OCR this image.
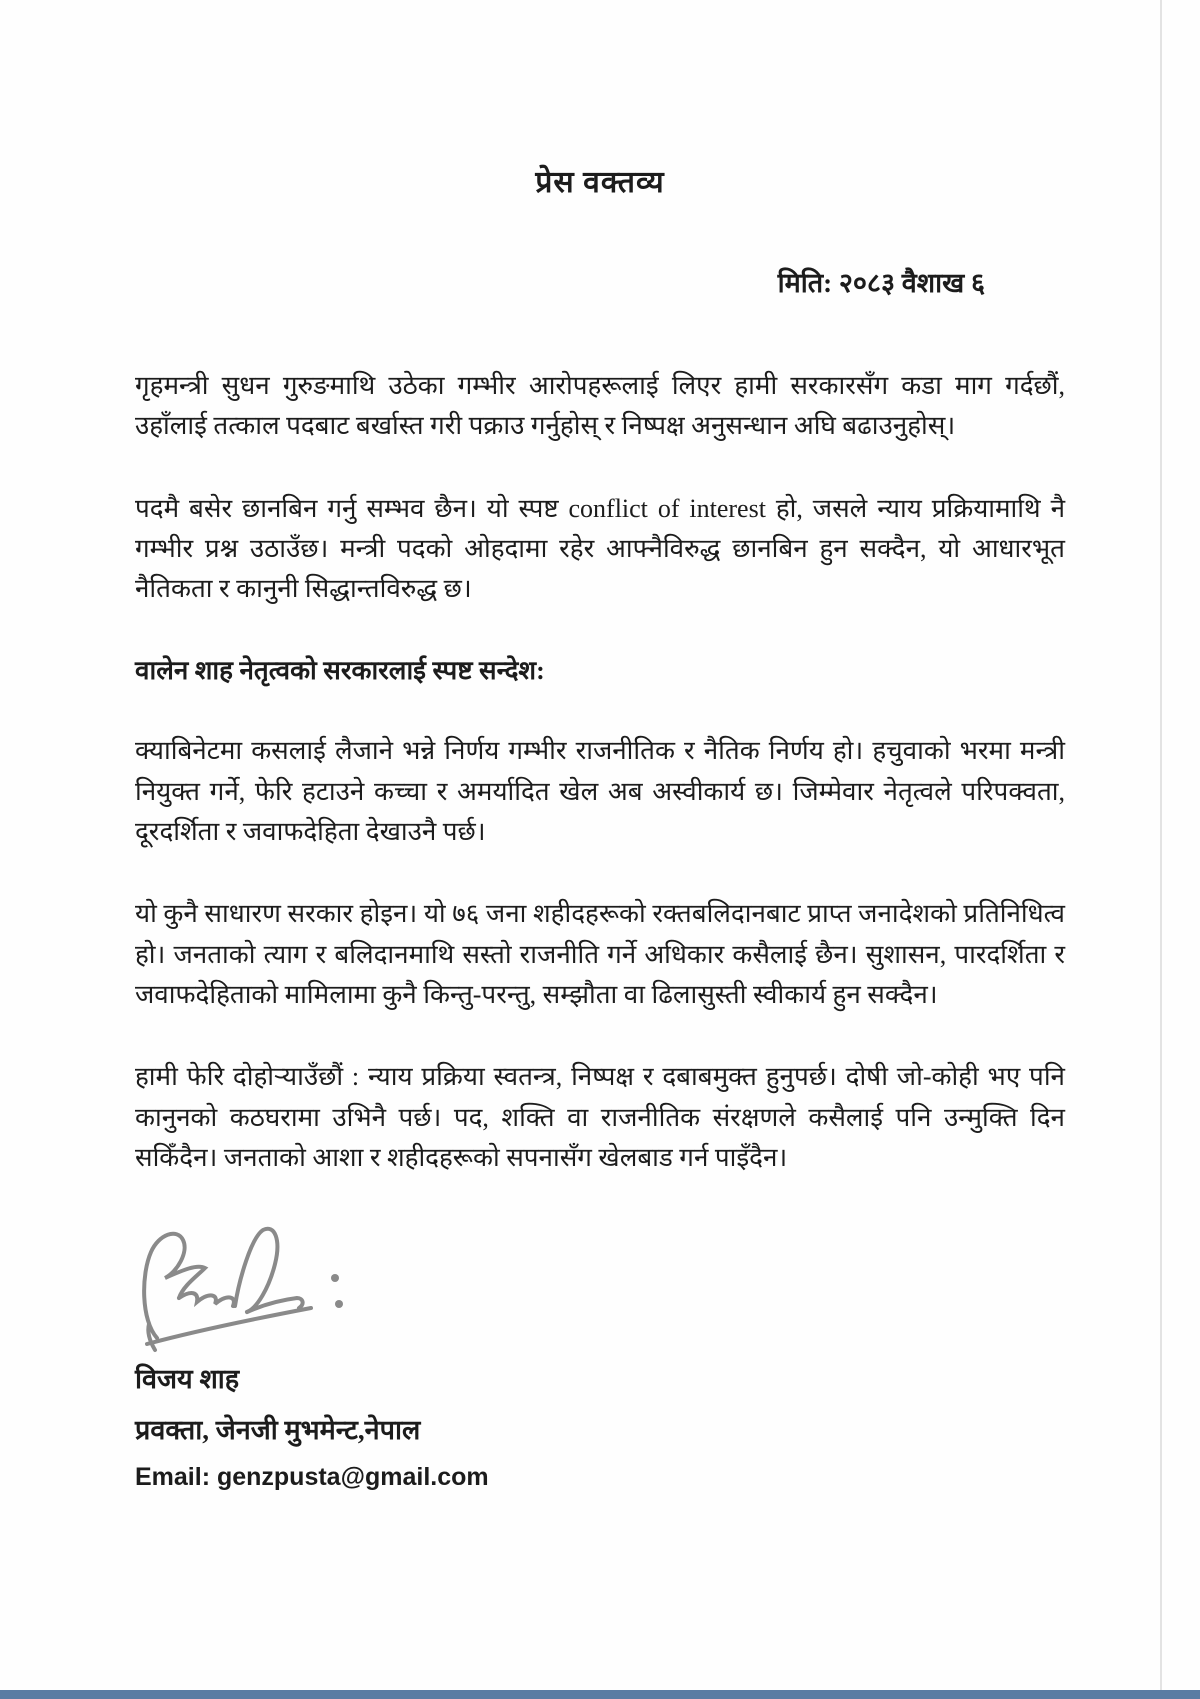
प्रेस वक्तव्य
मिति: २०८३ वैशाख ६

गृहमन्त्री सुधन गुरुङमाथि उठेका गम्भीर आरोपहरूलाई लिएर हामी सरकारसँग कडा माग गर्दछौं, उहाँलाई तत्काल पदबाट बर्खास्त गरी पक्राउ गर्नुहोस् र निष्पक्ष अनुसन्धान अघि बढाउनुहोस्।

पदमै बसेर छानबिन गर्नु सम्भव छैन। यो स्पष्ट conflict of interest हो, जसले न्याय प्रक्रियामाथि नै गम्भीर प्रश्न उठाउँछ। मन्त्री पदको ओहदामा रहेर आफ्नैविरुद्ध छानबिन हुन सक्दैन, यो आधारभूत नैतिकता र कानुनी सिद्धान्तविरुद्ध छ।

वालेन शाह नेतृत्वको सरकारलाई स्पष्ट सन्देश:

क्याबिनेटमा कसलाई लैजाने भन्ने निर्णय गम्भीर राजनीतिक र नैतिक निर्णय हो। हचुवाको भरमा मन्त्री नियुक्त गर्ने, फेरि हटाउने कच्चा र अमर्यादित खेल अब अस्वीकार्य छ। जिम्मेवार नेतृत्वले परिपक्वता, दूरदर्शिता र जवाफदेहिता देखाउनै पर्छ।

यो कुनै साधारण सरकार होइन। यो ७६ जना शहीदहरूको रक्तबलिदानबाट प्राप्त जनादेशको प्रतिनिधित्व हो। जनताको त्याग र बलिदानमाथि सस्तो राजनीति गर्ने अधिकार कसैलाई छैन। सुशासन, पारदर्शिता र जवाफदेहिताको मामिलामा कुनै किन्तु-परन्तु, सम्झौता वा ढिलासुस्ती स्वीकार्य हुन सक्दैन।

हामी फेरि दोहोऱ्याउँछौं : न्याय प्रक्रिया स्वतन्त्र, निष्पक्ष र दबाबमुक्त हुनुपर्छ। दोषी जो-कोही भए पनि कानुनको कठघरामा उभिनै पर्छ। पद, शक्ति वा राजनीतिक संरक्षणले कसैलाई पनि उन्मुक्ति दिन सकिँदैन। जनताको आशा र शहीदहरूको सपनासँग खेलबाड गर्न पाइँदैन।

विजय शाह
प्रवक्ता, जेनजी मुभमेन्ट,नेपाल
Email: genzpusta@gmail.com
